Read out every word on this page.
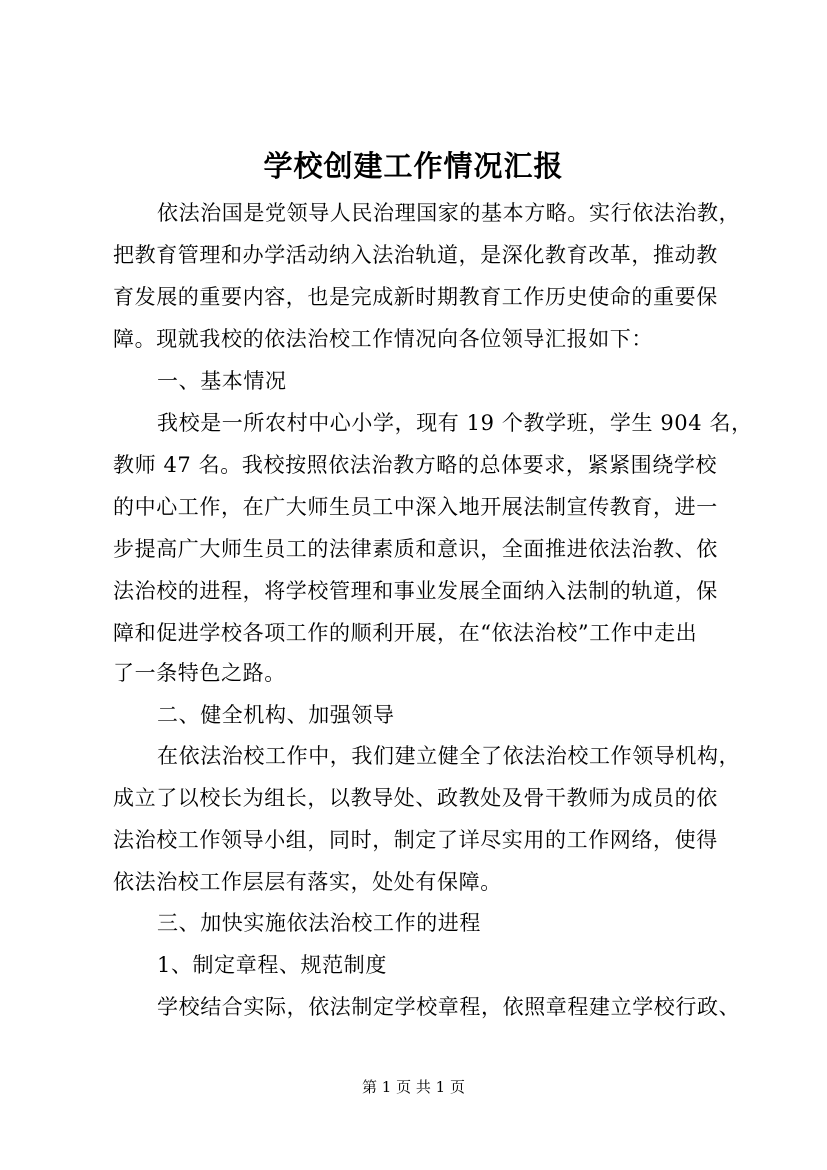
学校创建工作情况汇报
依法治国是党领导人民治理国家的基本方略。实行依法治教，
把教育管理和办学活动纳入法治轨道，是深化教育改革，推动教
育发展的重要内容，也是完成新时期教育工作历史使命的重要保
障。现就我校的依法治校工作情况向各位领导汇报如下：
一、基本情况
我校是一所农村中心小学，现有 19 个教学班，学生 904 名，
教师 47 名。我校按照依法治教方略的总体要求，紧紧围绕学校
的中心工作，在广大师生员工中深入地开展法制宣传教育，进一
步提高广大师生员工的法律素质和意识，全面推进依法治教、依
法治校的进程，将学校管理和事业发展全面纳入法制的轨道，保
障和促进学校各项工作的顺利开展，在“依法治校”工作中走出
了一条特色之路。
二、健全机构、加强领导
在依法治校工作中，我们建立健全了依法治校工作领导机构，
成立了以校长为组长，以教导处、政教处及骨干教师为成员的依
法治校工作领导小组，同时，制定了详尽实用的工作网络，使得
依法治校工作层层有落实，处处有保障。
三、加快实施依法治校工作的进程
1、制定章程、规范制度
学校结合实际，依法制定学校章程，依照章程建立学校行政、
第 1 页 共 1 页
